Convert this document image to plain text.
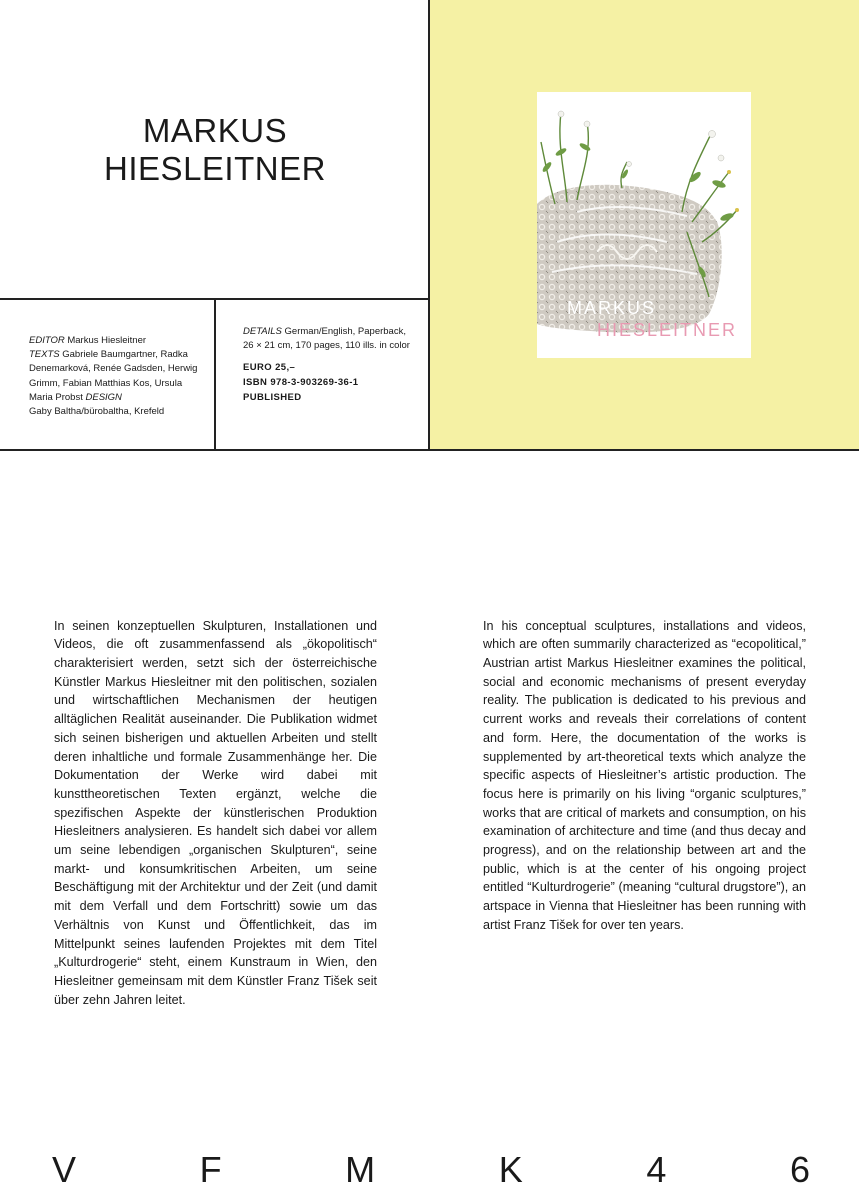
MARKUS
HIESLEITNER
MARKUS
HIESLEITNER
EDITOR Markus Hiesleitner
TEXTS Gabriele Baumgartner, Radka Denemarková, Renée Gadsden, Herwig Grimm, Fabian Matthias Kos, Ursula Maria Probst DESIGN
Gaby Baltha/bürobaltha, Krefeld
DETAILS German/English, Paperback, 26 × 21 cm, 170 pages, 110 ills. in color
EURO 25,–
ISBN 978-3-903269-36-1
PUBLISHED

In seinen konzeptuellen Skulpturen, Installationen und Videos, die oft zusammenfassend als „ökopolitisch“ charakterisiert werden, setzt sich der österreichische Künstler Markus Hiesleitner mit den politischen, sozialen und wirtschaftlichen Mechanismen der heutigen alltäglichen Realität auseinander. Die Publikation widmet sich seinen bisherigen und aktuellen Arbeiten und stellt deren inhaltliche und formale Zusammenhänge her. Die Dokumentation der Werke wird dabei mit kunsttheoretischen Texten ergänzt, welche die spezifischen Aspekte der künstlerischen Produktion Hiesleitners analysieren. Es handelt sich dabei vor allem um seine lebendigen „organischen Skulpturen“, seine markt- und konsumkritischen Arbeiten, um seine Beschäftigung mit der Architektur und der Zeit (und damit mit dem Verfall und dem Fortschritt) sowie um das Verhältnis von Kunst und Öffentlichkeit, das im Mittelpunkt seines laufenden Projektes mit dem Titel „Kulturdrogerie“ steht, einem Kunstraum in Wien, den Hiesleitner gemeinsam mit dem Künstler Franz Tišek seit über zehn Jahren leitet.

In his conceptual sculptures, installations and videos, which are often summarily characterized as “ecopolitical,” Austrian artist Markus Hiesleitner examines the political, social and economic mechanisms of present everyday reality. The publication is dedicated to his previous and current works and reveals their correlations of content and form. Here, the documentation of the works is supplemented by art-theoretical texts which analyze the specific aspects of Hiesleitner’s artistic production. The focus here is primarily on his living “organic sculptures,” works that are critical of markets and consumption, on his examination of architecture and time (and thus decay and progress), and on the relationship between art and the public, which is at the center of his ongoing project entitled “Kulturdrogerie” (meaning “cultural drugstore”), an artspace in Vienna that Hiesleitner has been running with artist Franz Tišek for over ten years.

V	F	M	K	4	6
